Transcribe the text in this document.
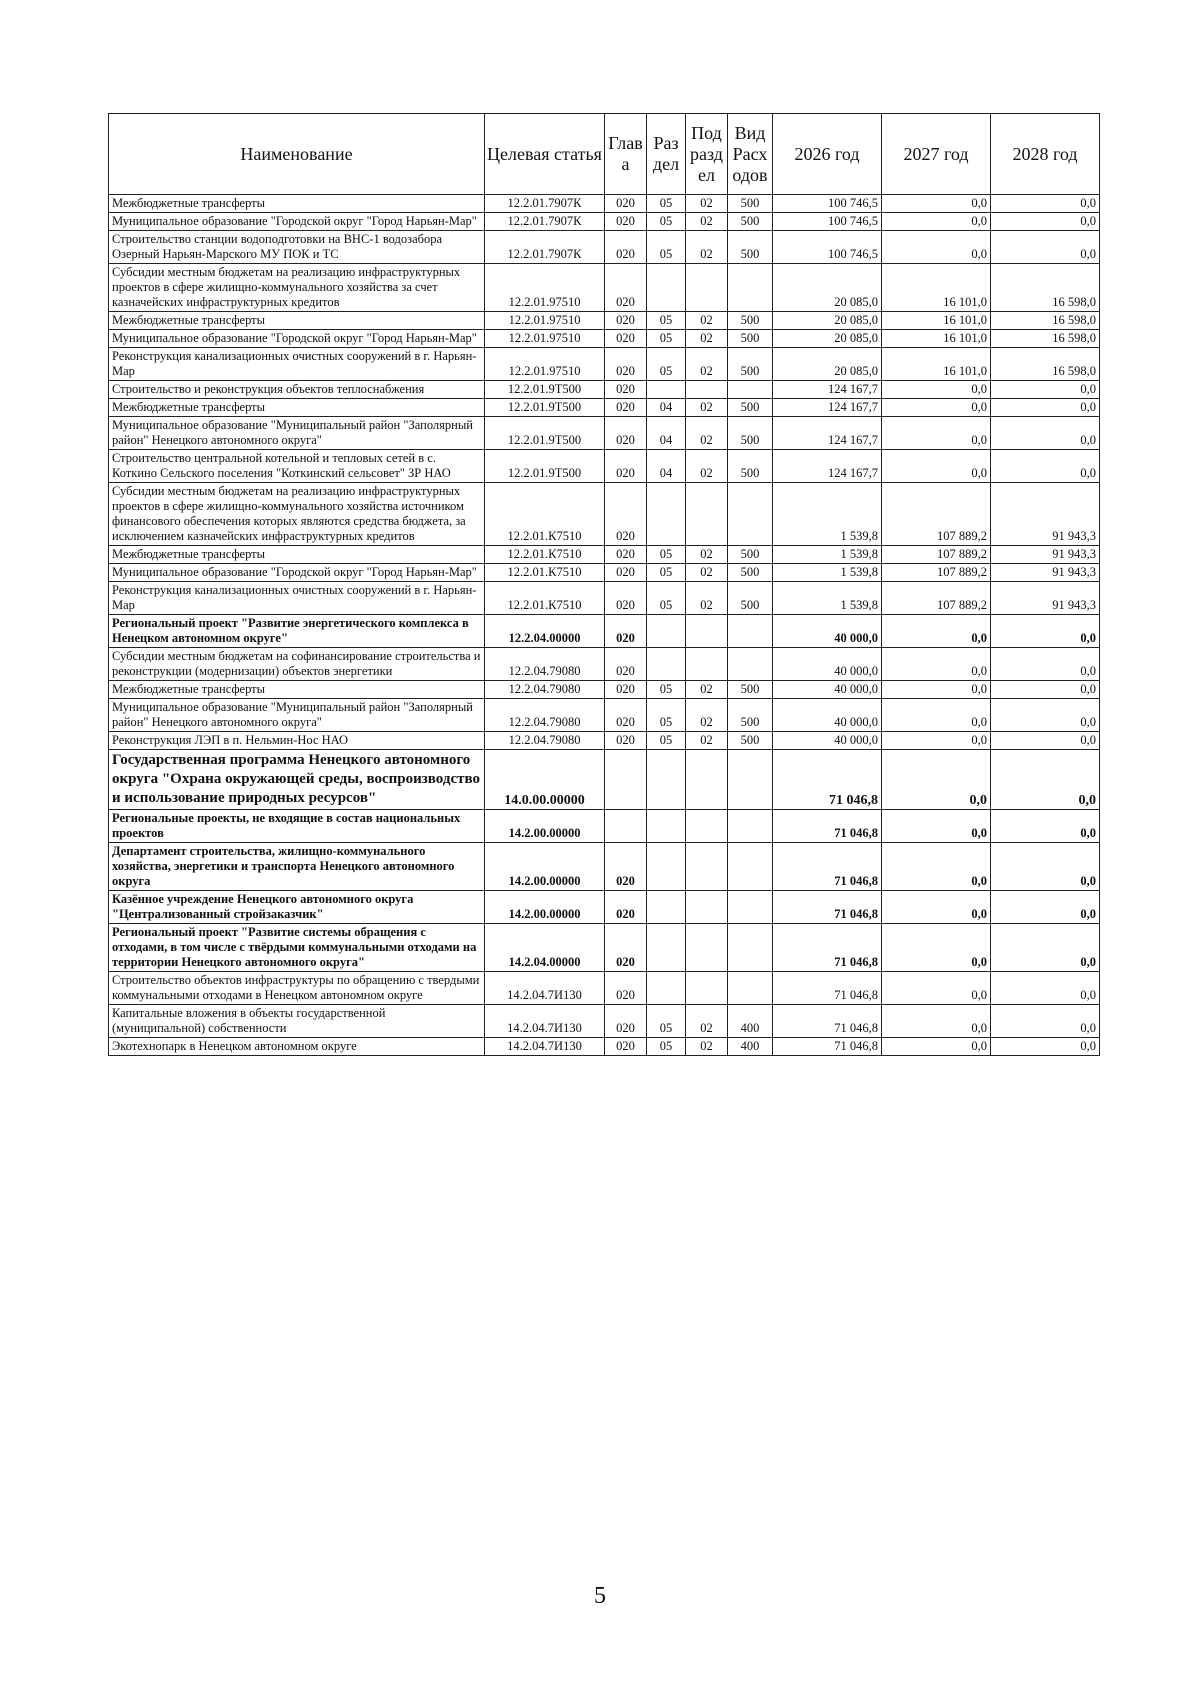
Наименование	Целевая статья	Глав а	Раз дел	Под разд ел	Вид Расх одов	2026 год	2027 год	2028 год
Межбюджетные трансферты	12.2.01.7907К	020	05	02	500	100 746,5	0,0	0,0
Муниципальное образование "Городской округ "Город Нарьян-Мар"	12.2.01.7907К	020	05	02	500	100 746,5	0,0	0,0
Строительство станции водоподготовки на ВНС-1 водозабора Озерный Нарьян-Марского МУ ПОК и ТС	12.2.01.7907К	020	05	02	500	100 746,5	0,0	0,0
Субсидии местным бюджетам на реализацию инфраструктурных проектов в сфере жилищно-коммунального хозяйства за счет казначейских инфраструктурных кредитов	12.2.01.97510	020				20 085,0	16 101,0	16 598,0
Межбюджетные трансферты	12.2.01.97510	020	05	02	500	20 085,0	16 101,0	16 598,0
Муниципальное образование "Городской округ "Город Нарьян-Мар"	12.2.01.97510	020	05	02	500	20 085,0	16 101,0	16 598,0
Реконструкция канализационных очистных сооружений в г. Нарьян-Мар	12.2.01.97510	020	05	02	500	20 085,0	16 101,0	16 598,0
Строительство и реконструкция объектов теплоснабжения	12.2.01.9Т500	020				124 167,7	0,0	0,0
Межбюджетные трансферты	12.2.01.9Т500	020	04	02	500	124 167,7	0,0	0,0
Муниципальное образование "Муниципальный район "Заполярный район" Ненецкого автономного округа"	12.2.01.9Т500	020	04	02	500	124 167,7	0,0	0,0
Строительство центральной котельной и тепловых сетей в с. Коткино Сельского поселения "Коткинский сельсовет" ЗР НАО	12.2.01.9Т500	020	04	02	500	124 167,7	0,0	0,0
Субсидии местным бюджетам на реализацию инфраструктурных проектов в сфере жилищно-коммунального хозяйства источником финансового обеспечения которых являются средства бюджета, за исключением казначейских инфраструктурных кредитов	12.2.01.К7510	020				1 539,8	107 889,2	91 943,3
Межбюджетные трансферты	12.2.01.К7510	020	05	02	500	1 539,8	107 889,2	91 943,3
Муниципальное образование "Городской округ "Город Нарьян-Мар"	12.2.01.К7510	020	05	02	500	1 539,8	107 889,2	91 943,3
Реконструкция канализационных очистных сооружений в г. Нарьян-Мар	12.2.01.К7510	020	05	02	500	1 539,8	107 889,2	91 943,3
Региональный проект "Развитие энергетического комплекса в Ненецком автономном округе"	12.2.04.00000	020				40 000,0	0,0	0,0
Субсидии местным бюджетам на софинансирование строительства и реконструкции (модернизации) объектов энергетики	12.2.04.79080	020				40 000,0	0,0	0,0
Межбюджетные трансферты	12.2.04.79080	020	05	02	500	40 000,0	0,0	0,0
Муниципальное образование "Муниципальный район "Заполярный район" Ненецкого автономного округа"	12.2.04.79080	020	05	02	500	40 000,0	0,0	0,0
Реконструкция ЛЭП в п. Нельмин-Нос НАО	12.2.04.79080	020	05	02	500	40 000,0	0,0	0,0
Государственная программа Ненецкого автономного округа "Охрана окружающей среды, воспроизводство и использование природных ресурсов"	14.0.00.00000					71 046,8	0,0	0,0
Региональные проекты, не входящие в состав национальных проектов	14.2.00.00000					71 046,8	0,0	0,0
Департамент строительства, жилищно-коммунального хозяйства, энергетики и транспорта Ненецкого автономного округа	14.2.00.00000	020				71 046,8	0,0	0,0
Казённое учреждение Ненецкого автономного округа "Централизованный стройзаказчик"	14.2.00.00000	020				71 046,8	0,0	0,0
Региональный проект "Развитие системы обращения с отходами, в том числе с твёрдыми коммунальными отходами на территории Ненецкого автономного округа"	14.2.04.00000	020				71 046,8	0,0	0,0
Строительство объектов инфраструктуры по обращению с твердыми коммунальными отходами в Ненецком автономном округе	14.2.04.7И130	020				71 046,8	0,0	0,0
Капитальные вложения в объекты государственной (муниципальной) собственности	14.2.04.7И130	020	05	02	400	71 046,8	0,0	0,0
Экотехнопарк в Ненецком автономном округе	14.2.04.7И130	020	05	02	400	71 046,8	0,0	0,0
5
